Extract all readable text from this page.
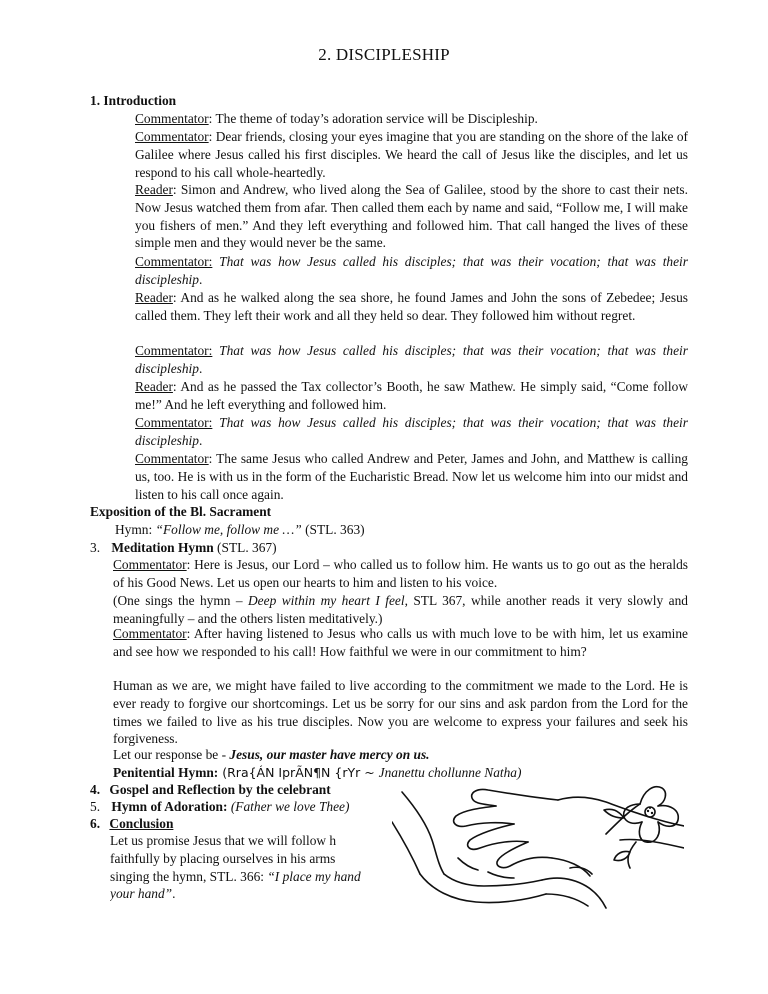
2. DISCIPLESHIP
1. Introduction

Commentator: The theme of today’s adoration service will be Discipleship.

Commentator: Dear friends, closing your eyes imagine that you are standing on the shore of the lake of Galilee where Jesus called his first disciples. We heard the call of Jesus like the disciples, and let us respond to his call whole-heartedly.

Reader: Simon and Andrew, who lived along the Sea of Galilee, stood by the shore to cast their nets. Now Jesus watched them from afar. Then called them each by name and said, “Follow me, I will make you fishers of men.” And they left everything and followed him. That call hanged the lives of these simple men and they would never be the same.

Commentator: That was how Jesus called his disciples; that was their vocation; that was their discipleship.

Reader: And as he walked along the sea shore, he found James and John the sons of Zebedee; Jesus called them. They left their work and all they held so dear. They followed him without regret.

Commentator: That was how Jesus called his disciples; that was their vocation; that was their discipleship.

Reader: And as he passed the Tax collector’s Booth, he saw Mathew. He simply said, “Come follow me!” And he left everything and followed him.

Commentator: That was how Jesus called his disciples; that was their vocation; that was their discipleship.

Commentator: The same Jesus who called Andrew and Peter, James and John, and Matthew is calling us, too. He is with us in the form of the Eucharistic Bread. Now let us welcome him into our midst and listen to his call once again.

Exposition of the Bl. Sacrament

Hymn: “Follow me, follow me …” (STL. 363)

3. Meditation Hymn (STL. 367)

Commentator: Here is Jesus, our Lord – who called us to follow him. He wants us to go out as the heralds of his Good News. Let us open our hearts to him and listen to his voice.

(One sings the hymn – Deep within my heart I feel, STL 367, while another reads it very slowly and meaningfully – and the others listen meditatively.)

Commentator: After having listened to Jesus who calls us with much love to be with him, let us examine and see how we responded to his call! How faithful we were in our commitment to him?

Human as we are, we might have failed to live according to the commitment we made to the Lord. He is ever ready to forgive our shortcomings. Let us be sorry for our sins and ask pardon from the Lord for the times we failed to live as his true disciples. Now you are welcome to express your failures and seek his forgiveness.

Let our response be - Jesus, our master have mercy on us.

Penitential Hymn: (Rra{ÁN IprÃN¶N {rYr ~ Jnanettu chollunne Natha)

4. Gospel and Reflection by the celebrant
5. Hymn of Adoration: (Father we love Thee)
6. Conclusion
Let us promise Jesus that we will follow h
faithfully by placing ourselves in his arms
singing the hymn, STL. 366: “I place my hand
your hand”.
